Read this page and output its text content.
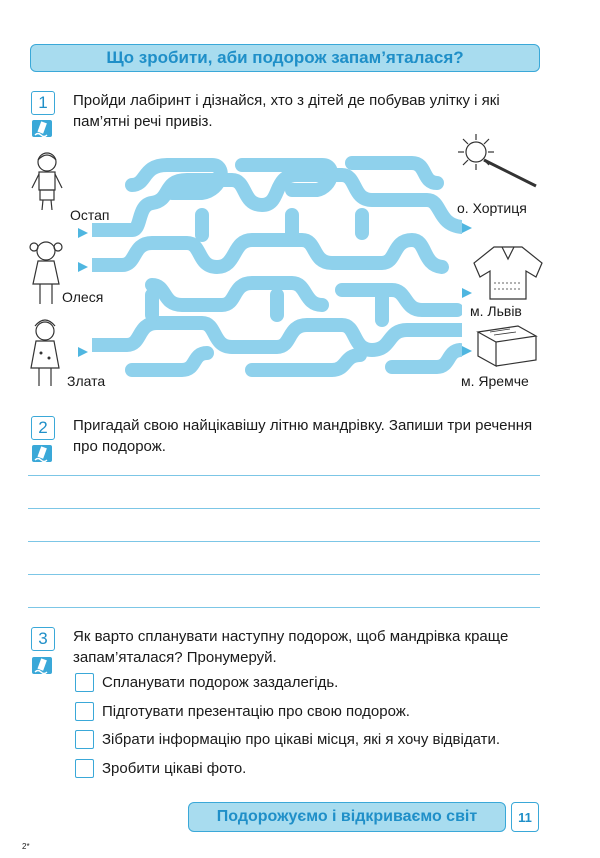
Що зробити, аби подорож запам’яталася?
1	Пройди лабіринт і дізнайся, хто з дітей де побував улітку і які пам’ятні речі привіз.
Остап
Олеся
Злата
о. Хортиця
м. Львів
м. Яремче
2	Пригадай свою найцікавішу літню мандрівку. Запиши три речення про подорож.
3	Як варто спланувати наступну подорож, щоб мандрівка краще запам’яталася? Пронумеруй.
Спланувати подорож заздалегідь.
Підготувати презентацію про свою подорож.
Зібрати інформацію про цікаві місця, які я хочу відвідати.
Зробити цікаві фото.
Подорожуємо і відкриваємо світ	11
2*
